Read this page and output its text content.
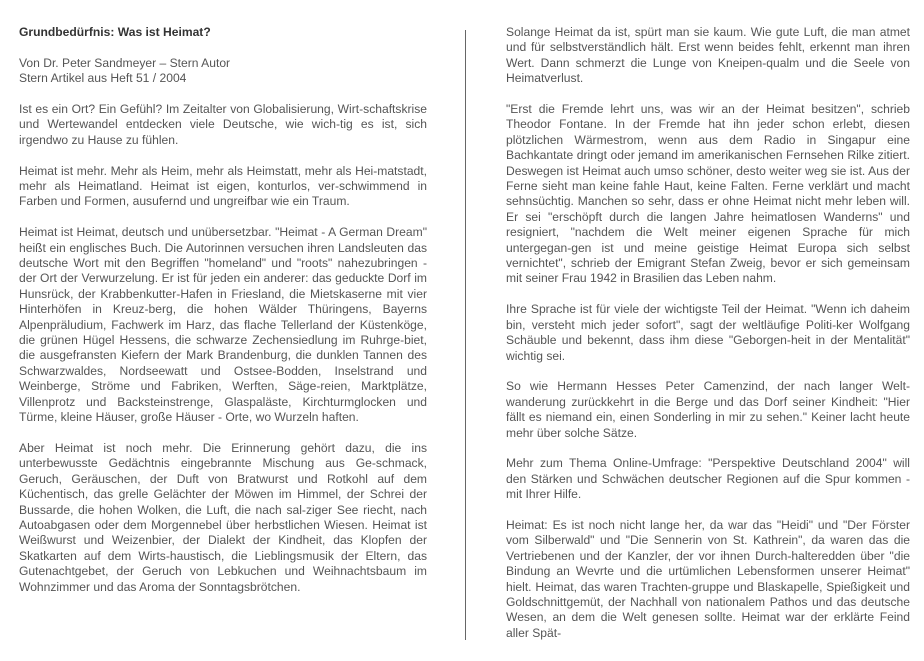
Grundbedürfnis: Was ist Heimat?
Von Dr. Peter Sandmeyer – Stern Autor
Stern Artikel aus Heft 51 / 2004
Ist es ein Ort? Ein Gefühl? Im Zeitalter von Globalisierung, Wirt-schaftskrise und Wertewandel entdecken viele Deutsche, wie wich-tig es ist, sich irgendwo zu Hause zu fühlen.
Heimat ist mehr. Mehr als Heim, mehr als Heimstatt, mehr als Hei-matstadt, mehr als Heimatland. Heimat ist eigen, konturlos, ver-schwimmend in Farben und Formen, ausufernd und ungreifbar wie ein Traum.
Heimat ist Heimat, deutsch und unübersetzbar. "Heimat - A German Dream" heißt ein englisches Buch. Die Autorinnen versuchen ihren Landsleuten das deutsche Wort mit den Begriffen "homeland" und "roots" nahezubringen - der Ort der Verwurzelung. Er ist für jeden ein anderer: das geduckte Dorf im Hunsrück, der Krabbenkutter-Hafen in Friesland, die Mietskaserne mit vier Hinterhöfen in Kreuz-berg, die hohen Wälder Thüringens, Bayerns Alpenpräludium, Fachwerk im Harz, das flache Tellerland der Küstenköge, die grünen Hügel Hessens, die schwarze Zechensiedlung im Ruhrge-biet, die ausgefransten Kiefern der Mark Brandenburg, die dunklen Tannen des Schwarzwaldes, Nordseewatt und Ostsee-Bodden, Inselstrand und Weinberge, Ströme und Fabriken, Werften, Säge-reien, Marktplätze, Villenprotz und Backsteinstrenge, Glaspaläste, Kirchturmglocken und Türme, kleine Häuser, große Häuser - Orte, wo Wurzeln haften.
Aber Heimat ist noch mehr. Die Erinnerung gehört dazu, die ins unterbewusste Gedächtnis eingebrannte Mischung aus Ge-schmack, Geruch, Geräuschen, der Duft von Bratwurst und Rotkohl auf dem Küchentisch, das grelle Gelächter der Möwen im Himmel, der Schrei der Bussarde, die hohen Wolken, die Luft, die nach sal-ziger See riecht, nach Autoabgasen oder dem Morgennebel über herbstlichen Wiesen. Heimat ist Weißwurst und Weizenbier, der Dialekt der Kindheit, das Klopfen der Skatkarten auf dem Wirts-haustisch, die Lieblingsmusik der Eltern, das Gutenachtgebet, der Geruch von Lebkuchen und Weihnachtsbaum im Wohnzimmer und das Aroma der Sonntagsbrötchen.
Solange Heimat da ist, spürt man sie kaum. Wie gute Luft, die man atmet und für selbstverständlich hält. Erst wenn beides fehlt, erkennt man ihren Wert. Dann schmerzt die Lunge von Kneipen-qualm und die Seele von Heimatverlust.
"Erst die Fremde lehrt uns, was wir an der Heimat besitzen", schrieb Theodor Fontane. In der Fremde hat ihn jeder schon erlebt, diesen plötzlichen Wärmestrom, wenn aus dem Radio in Singapur eine Bachkantate dringt oder jemand im amerikanischen Fernsehen Rilke zitiert. Deswegen ist Heimat auch umso schöner, desto weiter weg sie ist. Aus der Ferne sieht man keine fahle Haut, keine Falten. Ferne verklärt und macht sehnsüchtig. Manchen so sehr, dass er ohne Heimat nicht mehr leben will. Er sei "erschöpft durch die langen Jahre heimatlosen Wanderns" und resigniert, "nachdem die Welt meiner eigenen Sprache für mich untergegan-gen ist und meine geistige Heimat Europa sich selbst vernichtet", schrieb der Emigrant Stefan Zweig, bevor er sich gemeinsam mit seiner Frau 1942 in Brasilien das Leben nahm.
Ihre Sprache ist für viele der wichtigste Teil der Heimat. "Wenn ich daheim bin, versteht mich jeder sofort", sagt der weltläufige Politi-ker Wolfgang Schäuble und bekennt, dass ihm diese "Geborgen-heit in der Mentalität" wichtig sei.
So wie Hermann Hesses Peter Camenzind, der nach langer Welt-wanderung zurückkehrt in die Berge und das Dorf seiner Kindheit: "Hier fällt es niemand ein, einen Sonderling in mir zu sehen." Keiner lacht heute mehr über solche Sätze.
Mehr zum Thema Online-Umfrage: "Perspektive Deutschland 2004" will den Stärken und Schwächen deutscher Regionen auf die Spur kommen - mit Ihrer Hilfe.
Heimat: Es ist noch nicht lange her, da war das "Heidi" und "Der Förster vom Silberwald" und "Die Sennerin von St. Kathrein", da waren das die Vertriebenen und der Kanzler, der vor ihnen Durch-halteredden über "die Bindung an Wevrte und die urtümlichen Lebensformen unserer Heimat" hielt. Heimat, das waren Trachten-gruppe und Blaskapelle, Spießigkeit und Goldschnittgemüt, der Nachhall von nationalem Pathos und das deutsche Wesen, an dem die Welt genesen sollte. Heimat war der erklärte Feind aller Spät-
